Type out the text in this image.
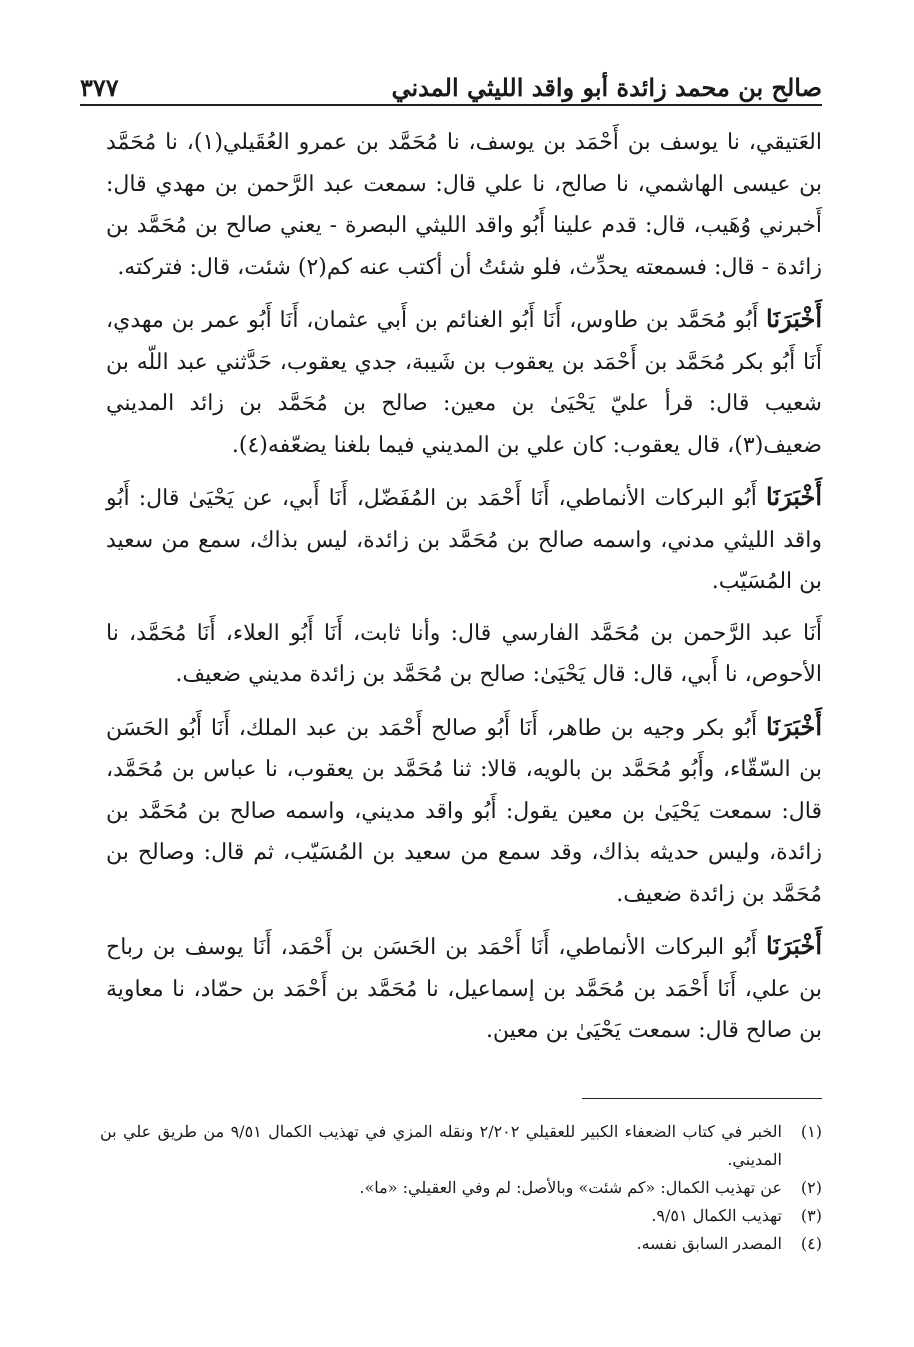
صالح بن محمد زائدة أبو واقد الليثي المدني
٣٧٧

العَتيقي، نا يوسف بن أَحْمَد بن يوسف، نا مُحَمَّد بن عمرو العُقَيلي(١)، نا مُحَمَّد بن عيسى الهاشمي، نا صالح، نا علي قال: سمعت عبد الرَّحمن بن مهدي قال: أَخبرني وُهَيب، قال: قدم علينا أَبُو واقد الليثي البصرة - يعني صالح بن مُحَمَّد بن زائدة - قال: فسمعته يحدِّث، فلو شئتُ أن أكتب عنه كم(٢) شئت، قال: فتركته.

أَخْبَرَنَا أَبُو مُحَمَّد بن طاوس، أَنَا أَبُو الغنائم بن أَبي عثمان، أَنَا أَبُو عمر بن مهدي، أَنَا أَبُو بكر مُحَمَّد بن أَحْمَد بن يعقوب بن شَيبة، جدي يعقوب، حَدَّثني عبد اللّه بن شعيب قال: قرأ عليّ يَحْيَىٰ بن معين: صالح بن مُحَمَّد بن زائد المديني ضعيف(٣)، قال يعقوب: كان علي بن المديني فيما بلغنا يضعّفه(٤).

أَخْبَرَنَا أَبُو البركات الأنماطي، أَنَا أَحْمَد بن المُفَضّل، أَنَا أَبي، عن يَحْيَىٰ قال: أَبُو واقد الليثي مدني، واسمه صالح بن مُحَمَّد بن زائدة، ليس بذاك، سمع من سعيد بن المُسَيّب.

أَنَا عبد الرَّحمن بن مُحَمَّد الفارسي قال: وأنا ثابت، أَنَا أَبُو العلاء، أَنَا مُحَمَّد، نا الأحوص، نا أَبي، قال: قال يَحْيَىٰ: صالح بن مُحَمَّد بن زائدة مديني ضعيف.

أَخْبَرَنَا أَبُو بكر وجيه بن طاهر، أَنَا أَبُو صالح أَحْمَد بن عبد الملك، أَنَا أَبُو الحَسَن بن السّقّاء، وأَبُو مُحَمَّد بن بالويه، قالا: ثنا مُحَمَّد بن يعقوب، نا عباس بن مُحَمَّد، قال: سمعت يَحْيَىٰ بن معين يقول: أَبُو واقد مديني، واسمه صالح بن مُحَمَّد بن زائدة، وليس حديثه بذاك، وقد سمع من سعيد بن المُسَيّب، ثم قال: وصالح بن مُحَمَّد بن زائدة ضعيف.

أَخْبَرَنَا أَبُو البركات الأنماطي، أَنَا أَحْمَد بن الحَسَن بن أَحْمَد، أَنَا يوسف بن رباح بن علي، أَنَا أَحْمَد بن مُحَمَّد بن إسماعيل، نا مُحَمَّد بن أَحْمَد بن حمّاد، نا معاوية بن صالح قال: سمعت يَحْيَىٰ بن معين.

(١)
الخبر في كتاب الضعفاء الكبير للعقيلي ٢/٢٠٢ ونقله المزي في تهذيب الكمال ٩/٥١ من طريق علي بن المديني.
(٢)
عن تهذيب الكمال: «كم شئت» وبالأصل: لم وفي العقيلي: «ما».
(٣)
تهذيب الكمال ٩/٥١.
(٤)
المصدر السابق نفسه.
